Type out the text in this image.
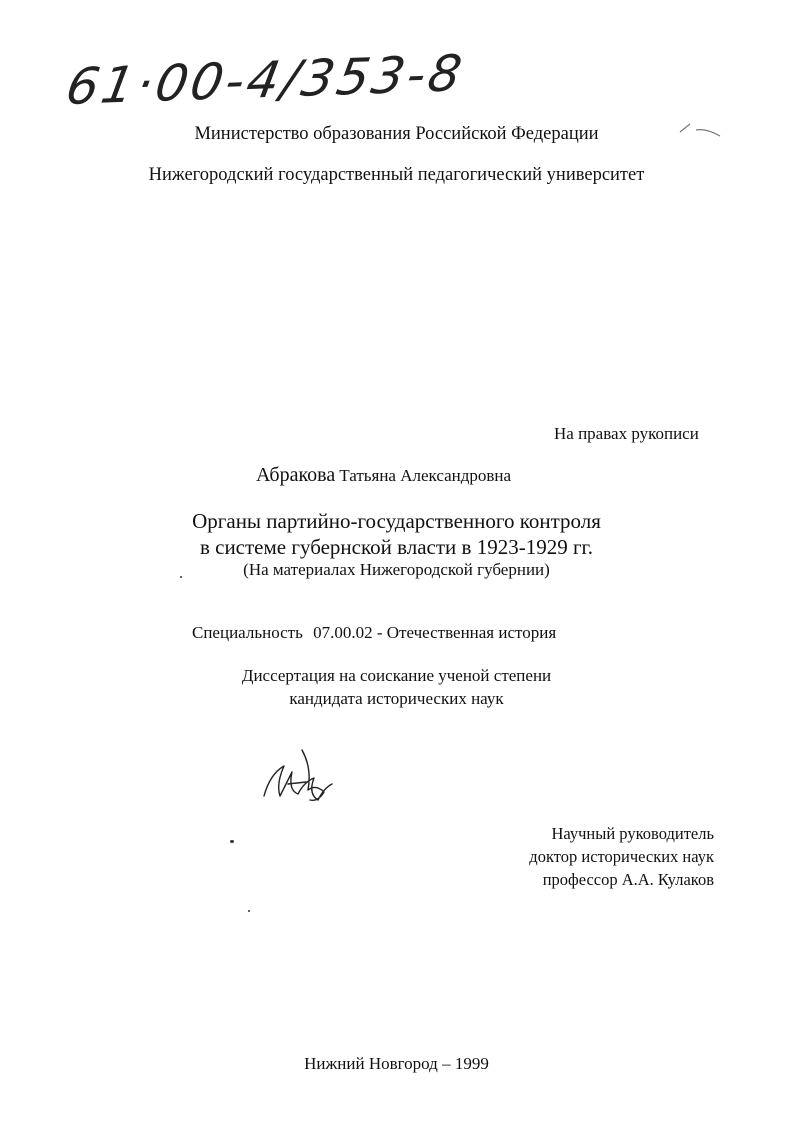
61·00-4/353-8
Министерство образования Российской Федерации
Нижегородский государственный педагогический университет
На правах рукописи
Абракова Татьяна Александровна
Органы партийно-государственного контроля
в системе губернской власти в 1923-1929 гг.
(На материалах Нижегородской губернии)
Специальность 07.00.02 - Отечественная история
Диссертация на соискание ученой степени
кандидата исторических наук
Научный руководитель
доктор исторических наук
профессор А.А. Кулаков
Нижний Новгород – 1999
